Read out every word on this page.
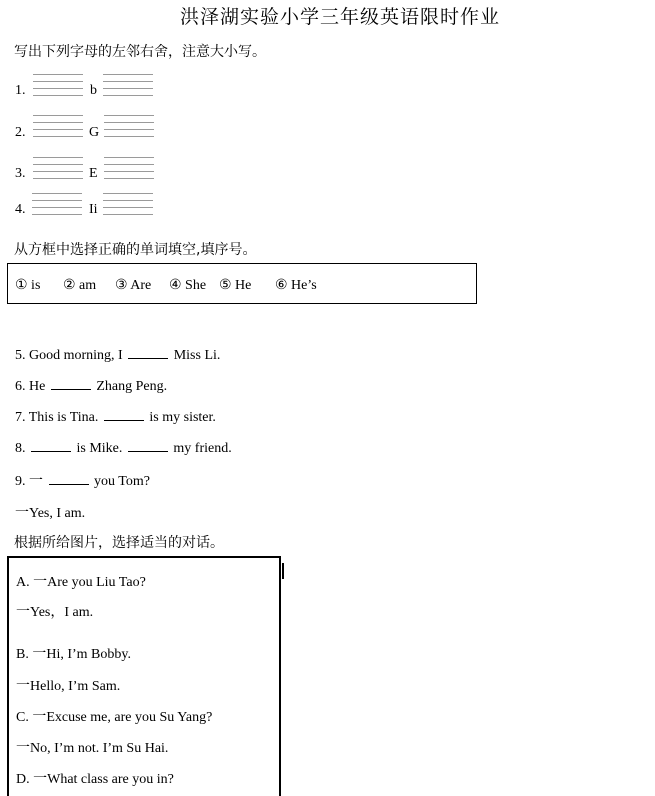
洪泽湖实验小学三年级英语限时作业
写出下列字母的左邻右舍，注意大小写。
1.	b
2.	G
3.	E
4.	Ii
从方框中选择正确的单词填空,填序号。
① is ② am ③ Are ④ She ⑤ He ⑥ He’s
5. Good morning, I	Miss Li.
6. He	Zhang Peng.
7. This is Tina.	is my sister.
8.	is Mike.	my friend.
9. 一	you Tom?
一Yes, I am.
根据所给图片，选择适当的对话。
A. 一Are you Liu Tao?
一Yes，I am.
B. 一Hi, I’m Bobby.
一Hello, I’m Sam.
C. 一Excuse me, are you Su Yang?
一No, I’m not. I’m Su Hai.
D. 一What class are you in?
